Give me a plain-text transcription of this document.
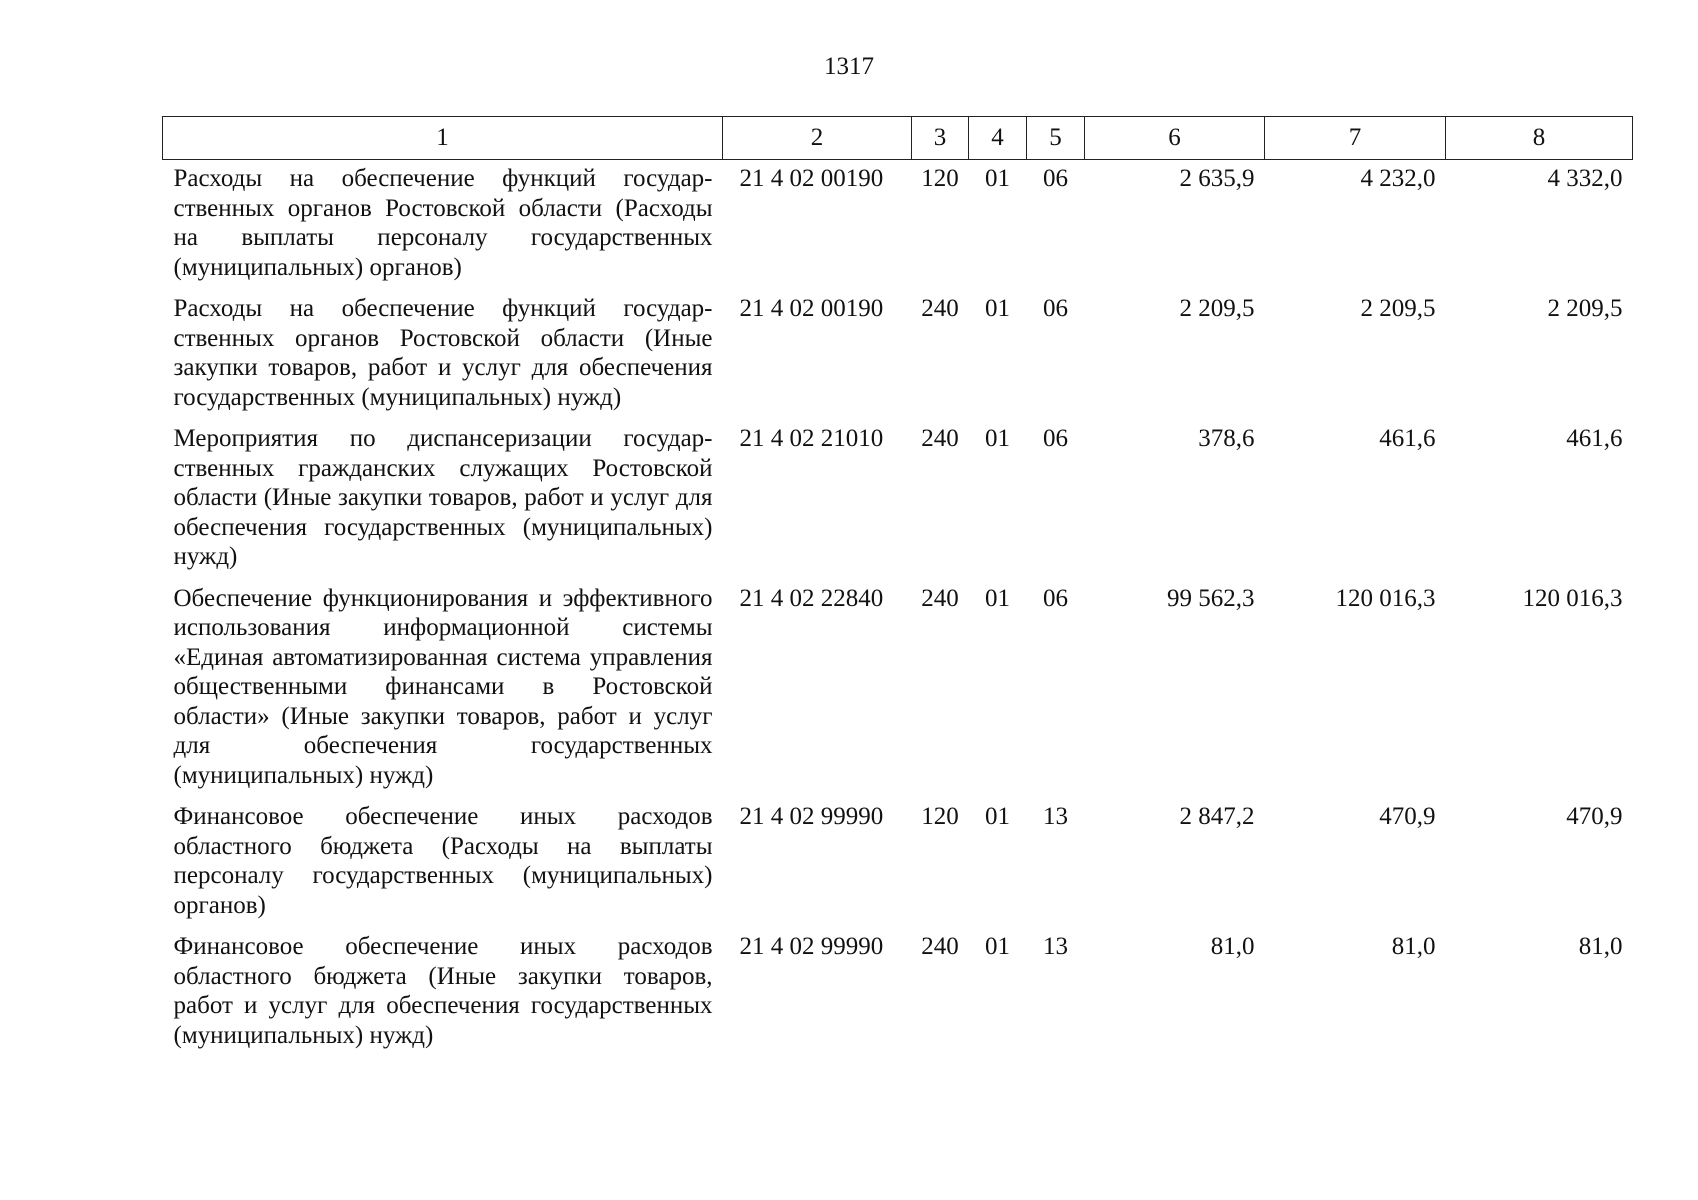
1317
1	2	3	4	5	6	7	8
Расходы на обеспечение функций государственных органов Ростовской области (Расходы на выплаты персоналу государственных (муниципальных) органов)	21 4 02 00190	120	01	06	2 635,9	4 232,0	4 332,0
Расходы на обеспечение функций государственных органов Ростовской области (Иные закупки товаров, работ и услуг для обеспечения государственных (муниципальных) нужд)	21 4 02 00190	240	01	06	2 209,5	2 209,5	2 209,5
Мероприятия по диспансеризации государственных гражданских служащих Ростовской области (Иные закупки товаров, работ и услуг для обеспечения государственных (муниципальных) нужд)	21 4 02 21010	240	01	06	378,6	461,6	461,6
Обеспечение функционирования и эффективного использования информационной системы «Единая автоматизированная система управления общественными финансами в Ростовской области» (Иные закупки товаров, работ и услуг для обеспечения государственных (муниципальных) нужд)	21 4 02 22840	240	01	06	99 562,3	120 016,3	120 016,3
Финансовое обеспечение иных расходов областного бюджета (Расходы на выплаты персоналу государственных (муниципальных) органов)	21 4 02 99990	120	01	13	2 847,2	470,9	470,9
Финансовое обеспечение иных расходов областного бюджета (Иные закупки товаров, работ и услуг для обеспечения государственных (муниципальных) нужд)	21 4 02 99990	240	01	13	81,0	81,0	81,0
